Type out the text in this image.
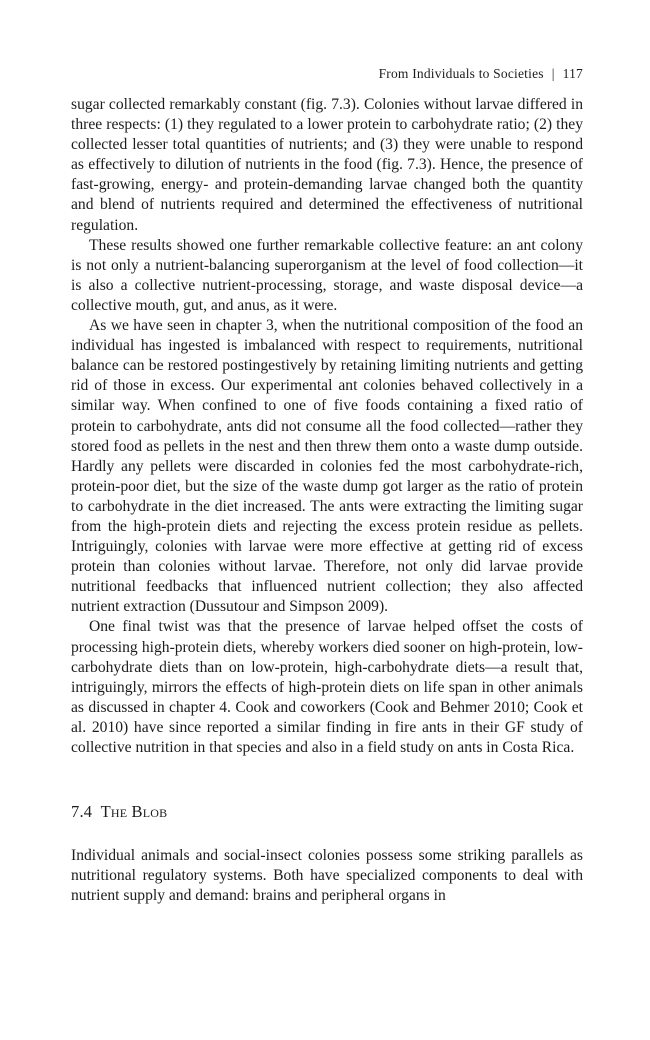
From Individuals to Societies | 117

sugar collected remarkably constant (fig. 7.3). Colonies without larvae differed in three respects: (1) they regulated to a lower protein to carbohydrate ratio; (2) they collected lesser total quantities of nutrients; and (3) they were unable to respond as effectively to dilution of nutrients in the food (fig. 7.3). Hence, the presence of fast-growing, energy- and protein-demanding larvae changed both the quantity and blend of nutrients required and determined the effectiveness of nutritional regulation.

These results showed one further remarkable collective feature: an ant colony is not only a nutrient-balancing superorganism at the level of food collection—it is also a collective nutrient-processing, storage, and waste disposal device—a collective mouth, gut, and anus, as it were.

As we have seen in chapter 3, when the nutritional composition of the food an individual has ingested is imbalanced with respect to requirements, nutritional balance can be restored postingestively by retaining limiting nutrients and getting rid of those in excess. Our experimental ant colonies behaved collectively in a similar way. When confined to one of five foods containing a fixed ratio of protein to carbohydrate, ants did not consume all the food collected—rather they stored food as pellets in the nest and then threw them onto a waste dump outside. Hardly any pellets were discarded in colonies fed the most carbohydrate-rich, protein-poor diet, but the size of the waste dump got larger as the ratio of protein to carbohydrate in the diet increased. The ants were extracting the limiting sugar from the high-protein diets and rejecting the excess protein residue as pellets. Intriguingly, colonies with larvae were more effective at getting rid of excess protein than colonies without larvae. Therefore, not only did larvae provide nutritional feedbacks that influenced nutrient collection; they also affected nutrient extraction (Dussutour and Simpson 2009).

One final twist was that the presence of larvae helped offset the costs of processing high-protein diets, whereby workers died sooner on high-protein, low-carbohydrate diets than on low-protein, high-carbohydrate diets—a result that, intriguingly, mirrors the effects of high-protein diets on life span in other animals as discussed in chapter 4. Cook and coworkers (Cook and Behmer 2010; Cook et al. 2010) have since reported a similar finding in fire ants in their GF study of collective nutrition in that species and also in a field study on ants in Costa Rica.

7.4 The Blob

Individual animals and social-insect colonies possess some striking parallels as nutritional regulatory systems. Both have specialized components to deal with nutrient supply and demand: brains and peripheral organs in
